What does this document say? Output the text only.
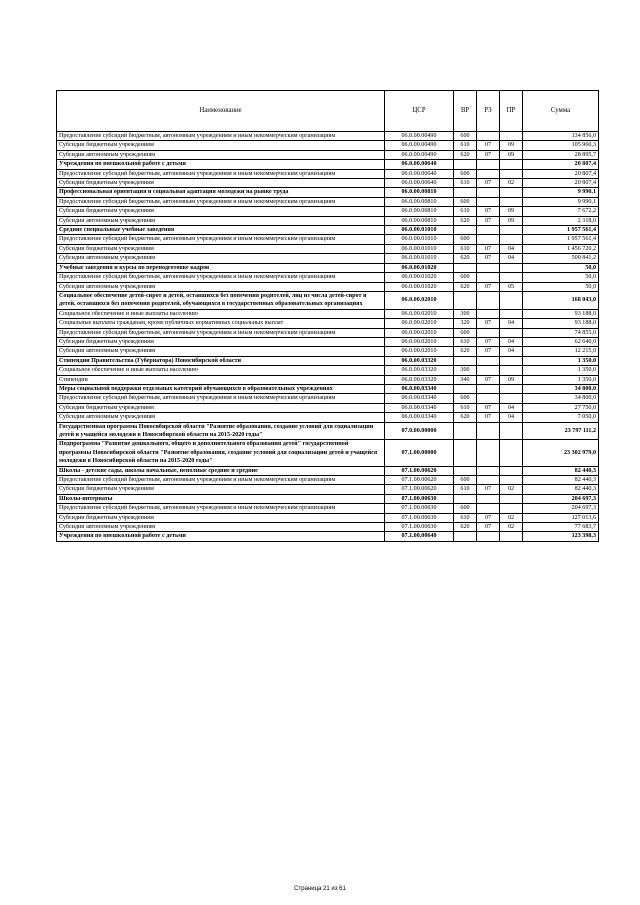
Наименование	ЦСР	ВР	РЗ	ПР	Сумма
Предоставление субсидий бюджетным, автономным учреждениям и иным некоммерческим организациям	06.0.00.00490	600			134 856,0
Субсидии бюджетным учреждениям	06.0.00.00490	610	07	09	105 960,3
Субсидии автономным учреждениям	06.0.00.00490	620	07	09	28 895,7
Учреждения по внешкольной работе с детьми	06.0.00.00640				20 807,4
Предоставление субсидий бюджетным, автономным учреждениям и иным некоммерческим организациям	06.0.00.00640	600			20 807,4
Субсидии бюджетным учреждениям	06.0.00.00640	610	07	02	20 807,4
Профессиональная ориентация и социальная адаптация молодежи на рынке труда	06.0.00.00810				9 990,1
Предоставление субсидий бюджетным, автономным учреждениям и иным некоммерческим организациям	06.0.00.00810	600			9 990,1
Субсидии бюджетным учреждениям	06.0.00.00810	610	07	09	7 672,2
Субсидии автономным учреждениям	06.0.00.00810	620	07	09	2 318,0
Средние специальные учебные заведения	06.0.00.01010				1 957 561,4
Предоставление субсидий бюджетным, автономным учреждениям и иным некоммерческим организациям	06.0.00.01010	600			1 957 561,4
Субсидии бюджетным учреждениям	06.0.00.01010	610	07	04	1 456 720,2
Субсидии автономным учреждениям	06.0.00.01010	620	07	04	500 841,2
Учебные заведения и курсы по переподготовке кадров	06.0.00.01020				50,0
Предоставление субсидий бюджетным, автономным учреждениям и иным некоммерческим организациям	06.0.00.01020	600			50,0
Субсидии автономным учреждениям	06.0.00.01020	620	07	05	50,0
Социальное обеспечение детей-сирот и детей, оставшихся без попечения родителей, лиц из числа детей-сирот и детей, оставшихся без попечения родителей, обучающихся в государственных образовательных организациях	06.0.00.02010				168 043,0
Социальное обеспечение и иные выплаты населению	06.0.00.02010	300			93 188,0
Социальные выплаты гражданам, кроме публичных нормативных социальных выплат	06.0.00.02010	320	07	04	93 188,0
Предоставление субсидий бюджетным, автономным учреждениям и иным некоммерческим организациям	06.0.00.02010	600			74 855,0
Субсидии бюджетным учреждениям	06.0.00.02010	610	07	04	62 640,0
Субсидии автономным учреждениям	06.0.00.02010	620	07	04	12 215,0
Стипендии Правительства (Губернатора) Новосибирской области	06.0.00.03320				1 350,0
Социальное обеспечение и иные выплаты населению	06.0.00.03320	300			1 350,0
Стипендии	06.0.00.03320	340	07	09	1 350,0
Меры социальной поддержки отдельных категорий обучающихся в образовательных учреждениях	06.0.00.03340				34 800,0
Предоставление субсидий бюджетным, автономным учреждениям и иным некоммерческим организациям	06.0.00.03340	600			34 800,0
Субсидии бюджетным учреждениям	06.0.00.03340	610	07	04	27 750,0
Субсидии автономным учреждениям	06.0.00.03340	620	07	04	7 050,0
Государственная программа Новосибирской области "Развитие образования, создание условий для социализации детей и учащейся молодежи в Новосибирской области на 2015-2020 годы"	07.0.00.00000				23 797 111,2
Подпрограмма "Развитие дошкольного, общего и дополнительного образования детей" государственной программы Новосибирской области "Развитие образования, создание условий для социализации детей и учащейся молодежи в Новосибирской области на 2015-2020 годы"	07.1.00.00000				23 302 979,0
Школы - детские сады, школы начальные, неполные средние и средние	07.1.00.00620				82 440,3
Предоставление субсидий бюджетным, автономным учреждениям и иным некоммерческим организациям	07.1.00.00620	600			82 440,3
Субсидии бюджетным учреждениям	07.1.00.00620	610	07	02	82 440,3
Школы-интернаты	07.1.00.00630				204 697,3
Предоставление субсидий бюджетным, автономным учреждениям и иным некоммерческим организациям	07.1.00.00630	600			204 697,3
Субсидии бюджетным учреждениям	07.1.00.00630	610	07	02	127 013,6
Субсидии автономным учреждениям	07.1.00.00630	620	07	02	77 683,7
Учреждения по внешкольной работе с детьми	07.1.00.00640				123 398,3
Страница 21 из 61
